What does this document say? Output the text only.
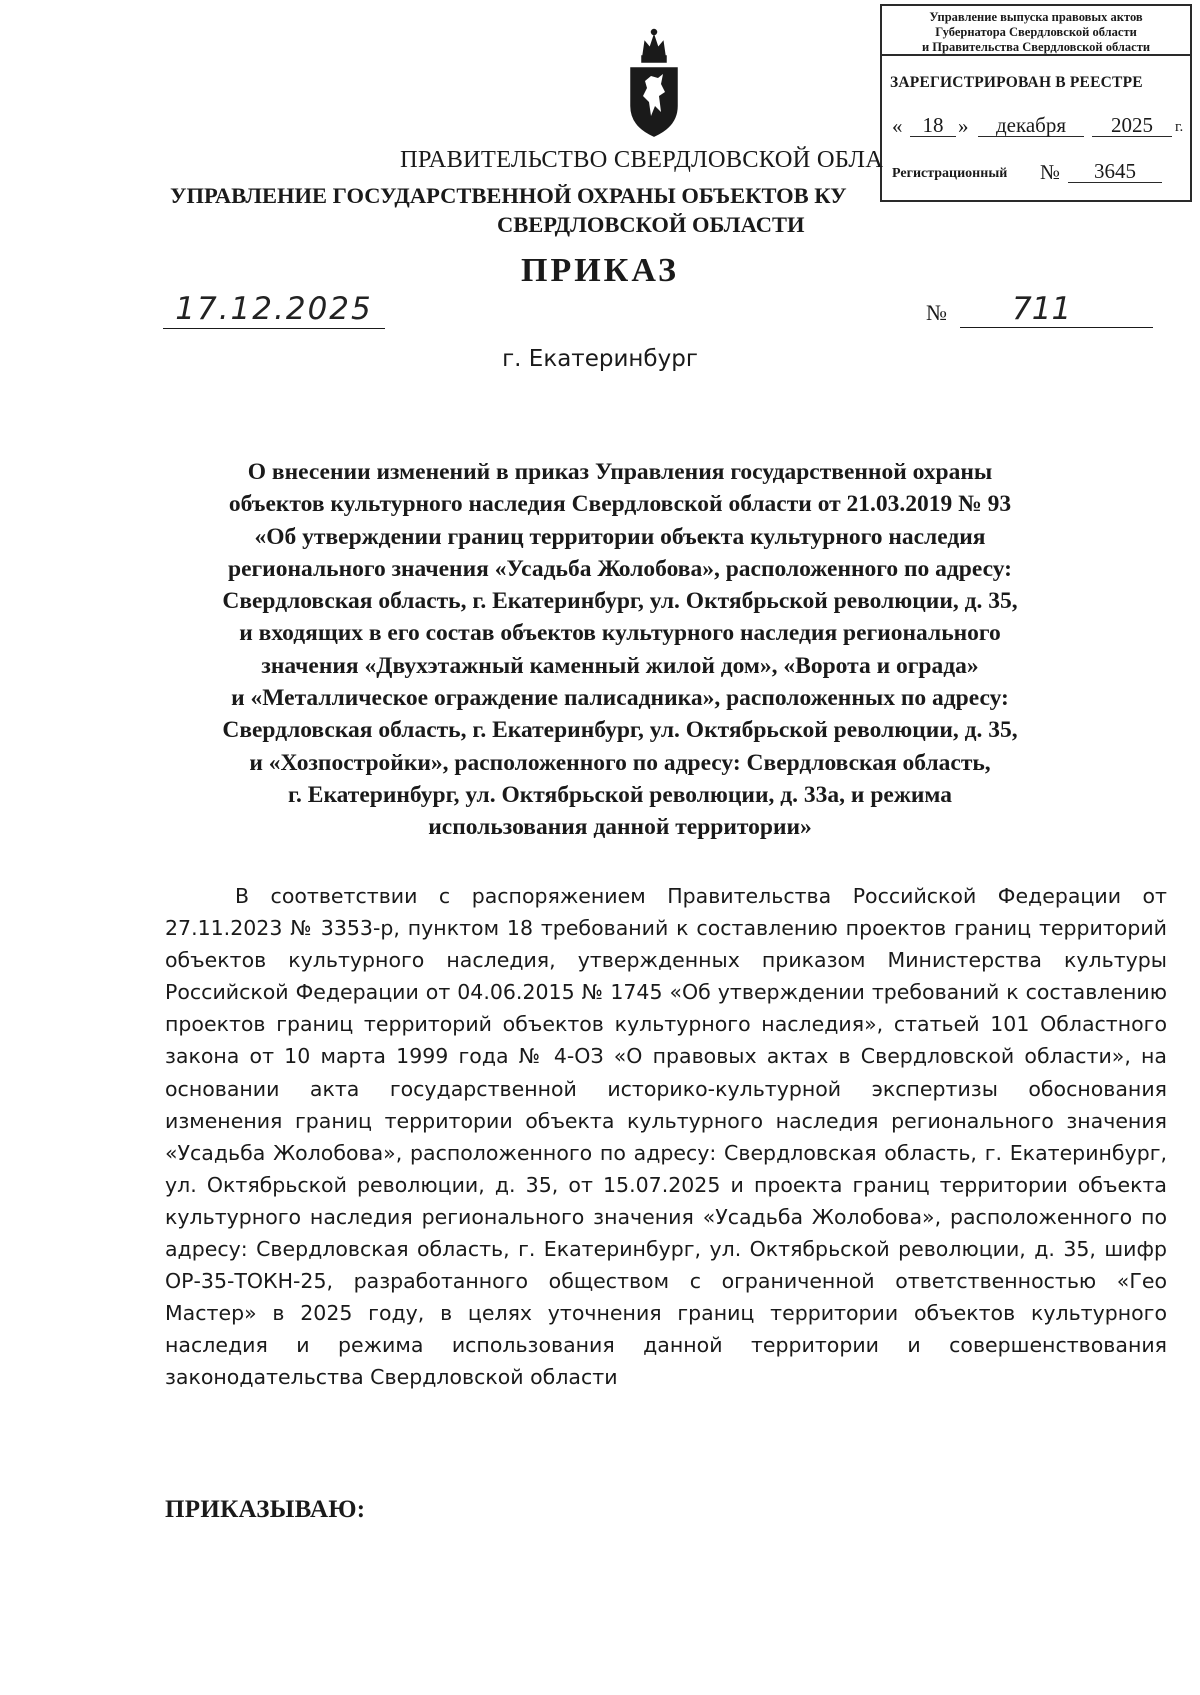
Управление выпуска правовых актов
Губернатора Свердловской области
и Правительства Свердловской области
ЗАРЕГИСТРИРОВАН В РЕЕСТРЕ
« 18 »	декабря	2025	г.
Регистрационный №	3645
ПРАВИТЕЛЬСТВО СВЕРДЛОВСКОЙ ОБЛА
УПРАВЛЕНИЕ ГОСУДАРСТВЕННОЙ ОХРАНЫ ОБЪЕКТОВ КУ
СВЕРДЛОВСКОЙ ОБЛАСТИ
ПРИКАЗ
17.12.2025	№	711
г. Екатеринбург
О внесении изменений в приказ Управления государственной охраны
объектов культурного наследия Свердловской области от 21.03.2019 № 93
«Об утверждении границ территории объекта культурного наследия
регионального значения «Усадьба Жолобова», расположенного по адресу:
Свердловская область, г. Екатеринбург, ул. Октябрьской революции, д. 35,
и входящих в его состав объектов культурного наследия регионального
значения «Двухэтажный каменный жилой дом», «Ворота и ограда»
и «Металлическое ограждение палисадника», расположенных по адресу:
Свердловская область, г. Екатеринбург, ул. Октябрьской революции, д. 35,
и «Хозпостройки», расположенного по адресу: Свердловская область,
г. Екатеринбург, ул. Октябрьской революции, д. 33а, и режима
использования данной территории»
В соответствии с распоряжением Правительства Российской Федерации от 27.11.2023 № 3353-р, пунктом 18 требований к составлению проектов границ территорий объектов культурного наследия, утвержденных приказом Министерства культуры Российской Федерации от 04.06.2015 № 1745 «Об утверждении требований к составлению проектов границ территорий объектов культурного наследия», статьей 101 Областного закона от 10 марта 1999 года № 4-ОЗ «О правовых актах в Свердловской области», на основании акта государственной историко-культурной экспертизы обоснования изменения границ территории объекта культурного наследия регионального значения «Усадьба Жолобова», расположенного по адресу: Свердловская область, г. Екатеринбург, ул. Октябрьской революции, д. 35, от 15.07.2025 и проекта границ территории объекта культурного наследия регионального значения «Усадьба Жолобова», расположенного по адресу: Свердловская область, г. Екатеринбург, ул. Октябрьской революции, д. 35, шифр ОР-35-ТОКН-25, разработанного обществом с ограниченной ответственностью «Гео Мастер» в 2025 году, в целях уточнения границ территории объектов культурного наследия и режима использования данной территории и совершенствования законодательства Свердловской области
ПРИКАЗЫВАЮ:
